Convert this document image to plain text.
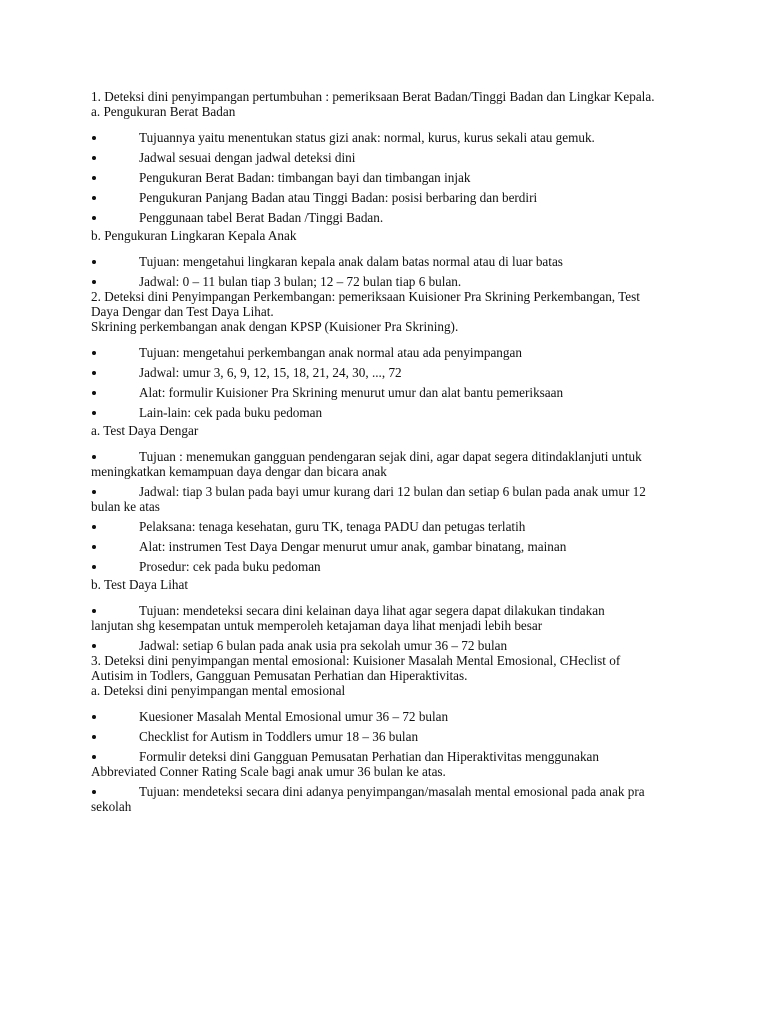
1. Deteksi dini penyimpangan pertumbuhan : pemeriksaan Berat Badan/Tinggi Badan dan Lingkar Kepala.

a. Pengukuran Berat Badan

Tujuannya yaitu menentukan status gizi anak: normal, kurus, kurus sekali atau gemuk.

Jadwal sesuai dengan jadwal deteksi dini

Pengukuran Berat Badan: timbangan bayi dan timbangan injak

Pengukuran Panjang Badan atau Tinggi Badan: posisi berbaring dan berdiri

Penggunaan tabel Berat Badan /Tinggi Badan.

b. Pengukuran Lingkaran Kepala Anak

Tujuan: mengetahui lingkaran kepala anak dalam batas normal atau di luar batas

Jadwal: 0 – 11 bulan tiap 3 bulan; 12 – 72 bulan tiap 6 bulan.

2. Deteksi dini Penyimpangan Perkembangan: pemeriksaan Kuisioner Pra Skrining Perkembangan, Test Daya Dengar dan Test Daya Lihat.

Skrining perkembangan anak dengan KPSP (Kuisioner Pra Skrining).

Tujuan: mengetahui perkembangan anak normal atau ada penyimpangan

Jadwal: umur 3, 6, 9, 12, 15, 18, 21, 24, 30, ..., 72

Alat: formulir Kuisioner Pra Skrining menurut umur dan alat bantu pemeriksaan

Lain-lain: cek pada buku pedoman

a. Test Daya Dengar

Tujuan : menemukan gangguan pendengaran sejak dini, agar dapat segera ditindaklanjuti untuk meningkatkan kemampuan daya dengar dan bicara anak

Jadwal: tiap 3 bulan pada bayi umur kurang dari 12 bulan dan setiap 6 bulan pada anak umur 12 bulan ke atas

Pelaksana: tenaga kesehatan, guru TK, tenaga PADU dan petugas terlatih

Alat: instrumen Test Daya Dengar menurut umur anak, gambar binatang, mainan

Prosedur: cek pada buku pedoman

b. Test Daya Lihat

Tujuan: mendeteksi secara dini kelainan daya lihat agar segera dapat dilakukan tindakan lanjutan shg kesempatan untuk memperoleh ketajaman daya lihat menjadi lebih besar

Jadwal: setiap 6 bulan pada anak usia pra sekolah umur 36 – 72 bulan

3. Deteksi dini penyimpangan mental emosional: Kuisioner Masalah Mental Emosional, CHeclist of Autisim in Todlers, Gangguan Pemusatan Perhatian dan Hiperaktivitas.

a. Deteksi dini penyimpangan mental emosional

Kuesioner Masalah Mental Emosional umur 36 – 72 bulan

Checklist for Autism in Toddlers umur 18 – 36 bulan

Formulir deteksi dini Gangguan Pemusatan Perhatian dan Hiperaktivitas menggunakan Abbreviated Conner Rating Scale bagi anak umur 36 bulan ke atas.

Tujuan: mendeteksi secara dini adanya penyimpangan/masalah mental emosional pada anak pra sekolah
